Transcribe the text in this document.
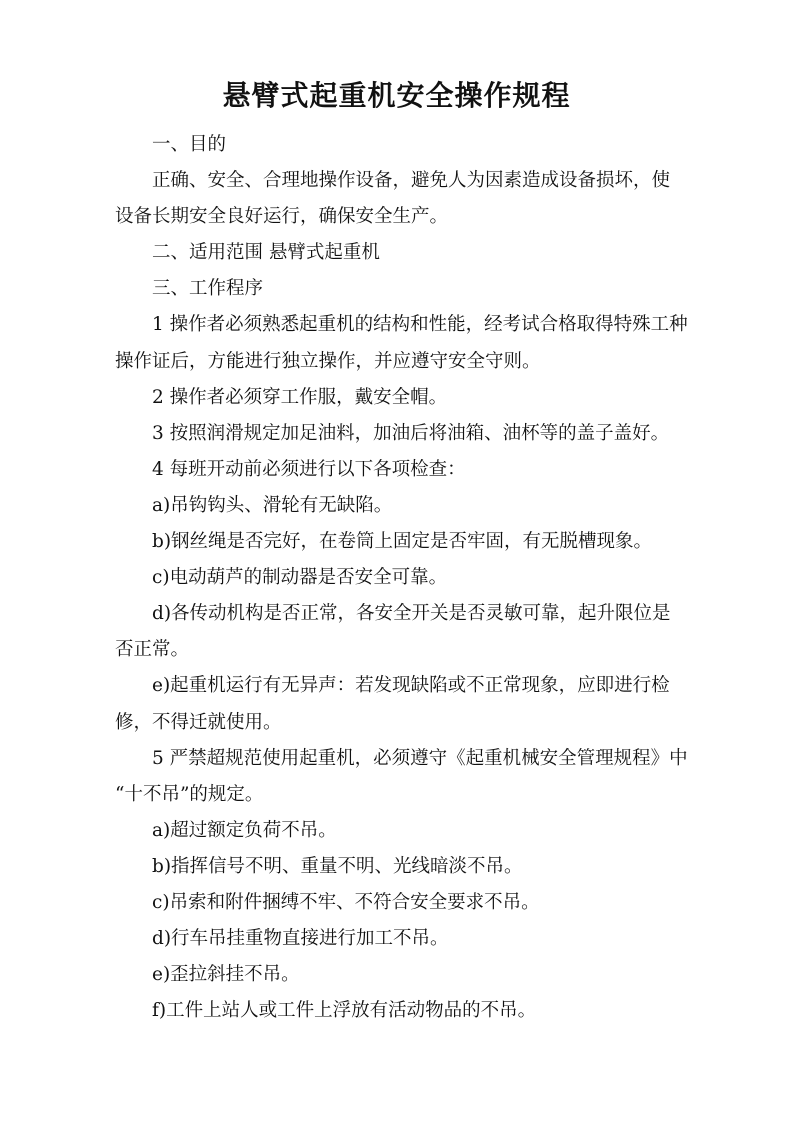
悬臂式起重机安全操作规程
一、目的
正确、安全、合理地操作设备，避免人为因素造成设备损坏，使
设备长期安全良好运行，确保安全生产。
二、适用范围 悬臂式起重机
三、工作程序
1 操作者必须熟悉起重机的结构和性能，经考试合格取得特殊工种
操作证后，方能进行独立操作，并应遵守安全守则。
2 操作者必须穿工作服，戴安全帽。
3 按照润滑规定加足油料，加油后将油箱、油杯等的盖子盖好。
4 每班开动前必须进行以下各项检查：
a)吊钩钩头、滑轮有无缺陷。
b)钢丝绳是否完好，在卷筒上固定是否牢固，有无脱槽现象。
c)电动葫芦的制动器是否安全可靠。
d)各传动机构是否正常，各安全开关是否灵敏可靠，起升限位是
否正常。
e)起重机运行有无异声：若发现缺陷或不正常现象，应即进行检
修，不得迁就使用。
5 严禁超规范使用起重机，必须遵守《起重机械安全管理规程》中
“十不吊”的规定。
a)超过额定负荷不吊。
b)指挥信号不明、重量不明、光线暗淡不吊。
c)吊索和附件捆缚不牢、不符合安全要求不吊。
d)行车吊挂重物直接进行加工不吊。
e)歪拉斜挂不吊。
f)工件上站人或工件上浮放有活动物品的不吊。
